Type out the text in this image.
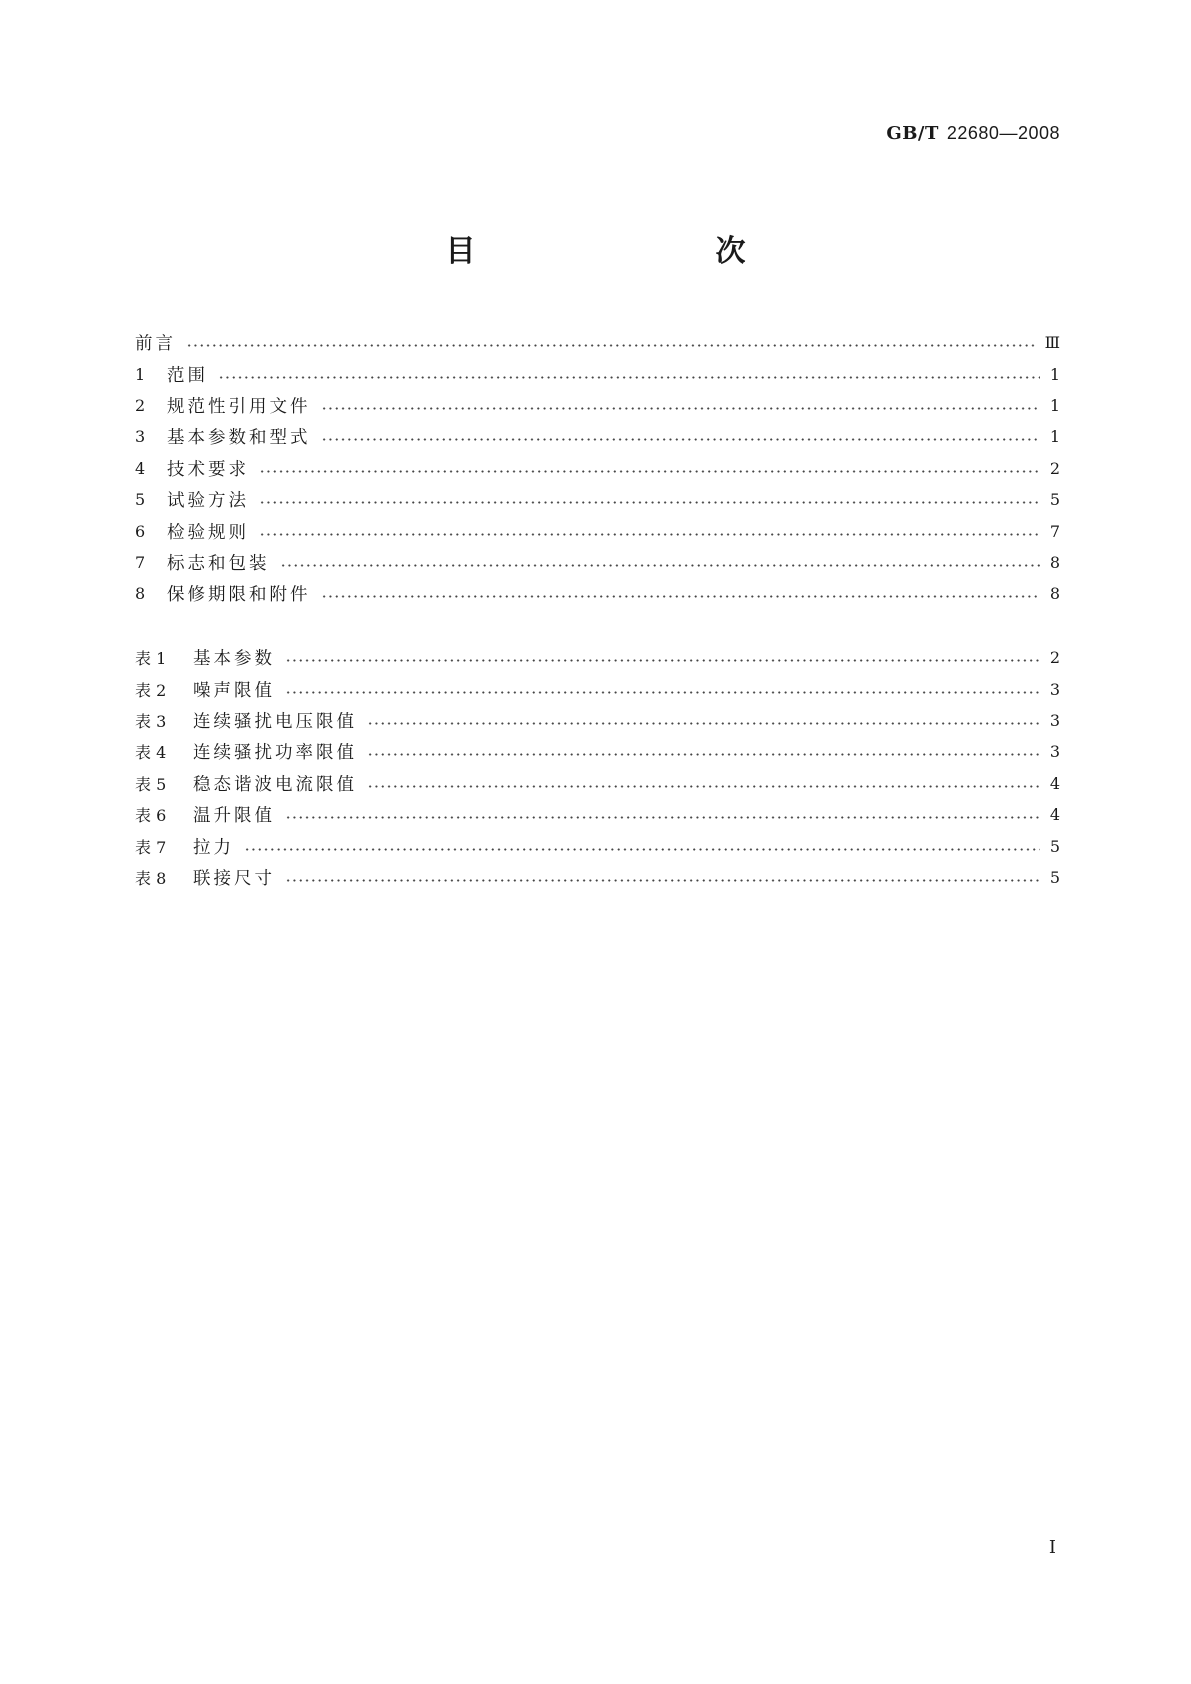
GB/T 22680—2008
目　　次
前言	Ⅲ
1	范围	1
2	规范性引用文件	1
3	基本参数和型式	1
4	技术要求	2
5	试验方法	5
6	检验规则	7
7	标志和包装	8
8	保修期限和附件	8
表 1	基本参数	2
表 2	噪声限值	3
表 3	连续骚扰电压限值	3
表 4	连续骚扰功率限值	3
表 5	稳态谐波电流限值	4
表 6	温升限值	4
表 7	拉力	5
表 8	联接尺寸	5
I
